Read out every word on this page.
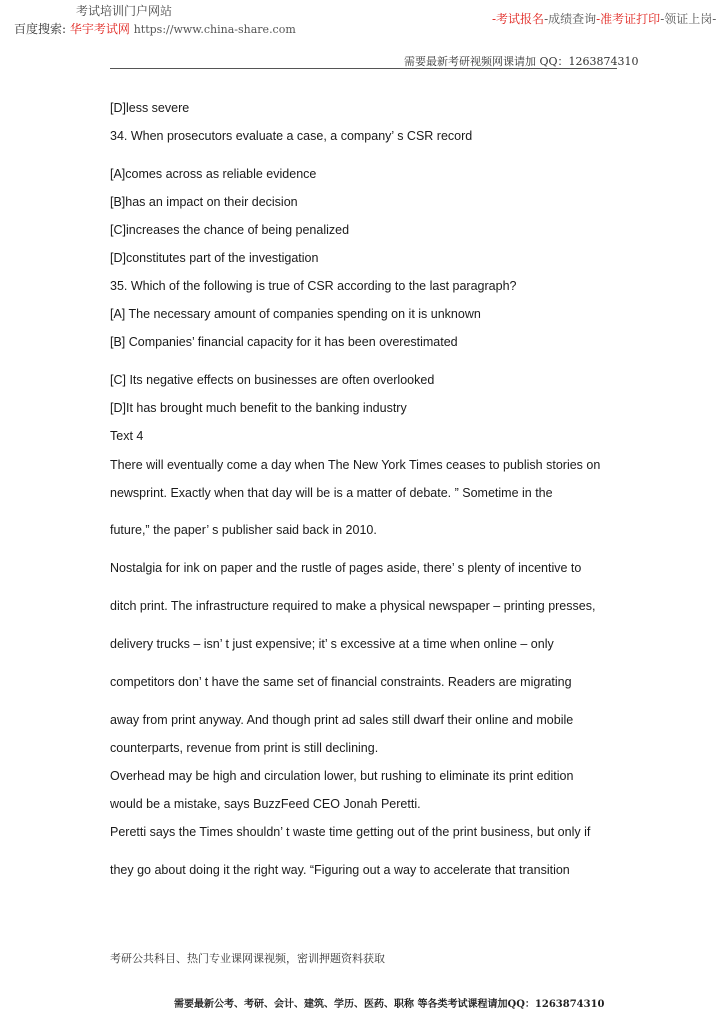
考试培训门户网站
百度搜索: 华宇考试网 https://www.china-share.com
-考试报名-成绩查询-准考证打印-领证上岗-
需要最新考研视频网课请加 QQ：1263874310
[D]less severe
34. When prosecutors evaluate a case, a company’ s CSR record
[A]comes across as reliable evidence
[B]has an impact on their decision
[C]increases the chance of being penalized
[D]constitutes part of the investigation
35. Which of the following is true of CSR according to the last paragraph?
[A] The necessary amount of companies spending on it is unknown
[B] Companies’ financial capacity for it has been overestimated
[C] Its negative effects on businesses are often overlooked
[D]It has brought much benefit to the banking industry
Text 4
There will eventually come a day when The New York Times ceases to publish stories on
newsprint. Exactly when that day will be is a matter of debate. ” Sometime in the
future,” the paper’ s publisher said back in 2010.
Nostalgia for ink on paper and the rustle of pages aside, there’ s plenty of incentive to
ditch print. The infrastructure required to make a physical newspaper – printing presses,
delivery trucks – isn’ t just expensive; it’ s excessive at a time when online – only
competitors don’ t have the same set of financial constraints. Readers are migrating
away from print anyway. And though print ad sales still dwarf their online and mobile
counterparts, revenue from print is still declining.
Overhead may be high and circulation lower, but rushing to eliminate its print edition
would be a mistake, says BuzzFeed CEO Jonah Peretti.
Peretti says the Times shouldn’ t waste time getting out of the print business, but only if
they go about doing it the right way. “Figuring out a way to accelerate that transition
考研公共科目、热门专业课网课视频，密训押题资料获取
需要最新公考、考研、会计、建筑、学历、医药、职称 等各类考试课程请加QQ：1263874310
